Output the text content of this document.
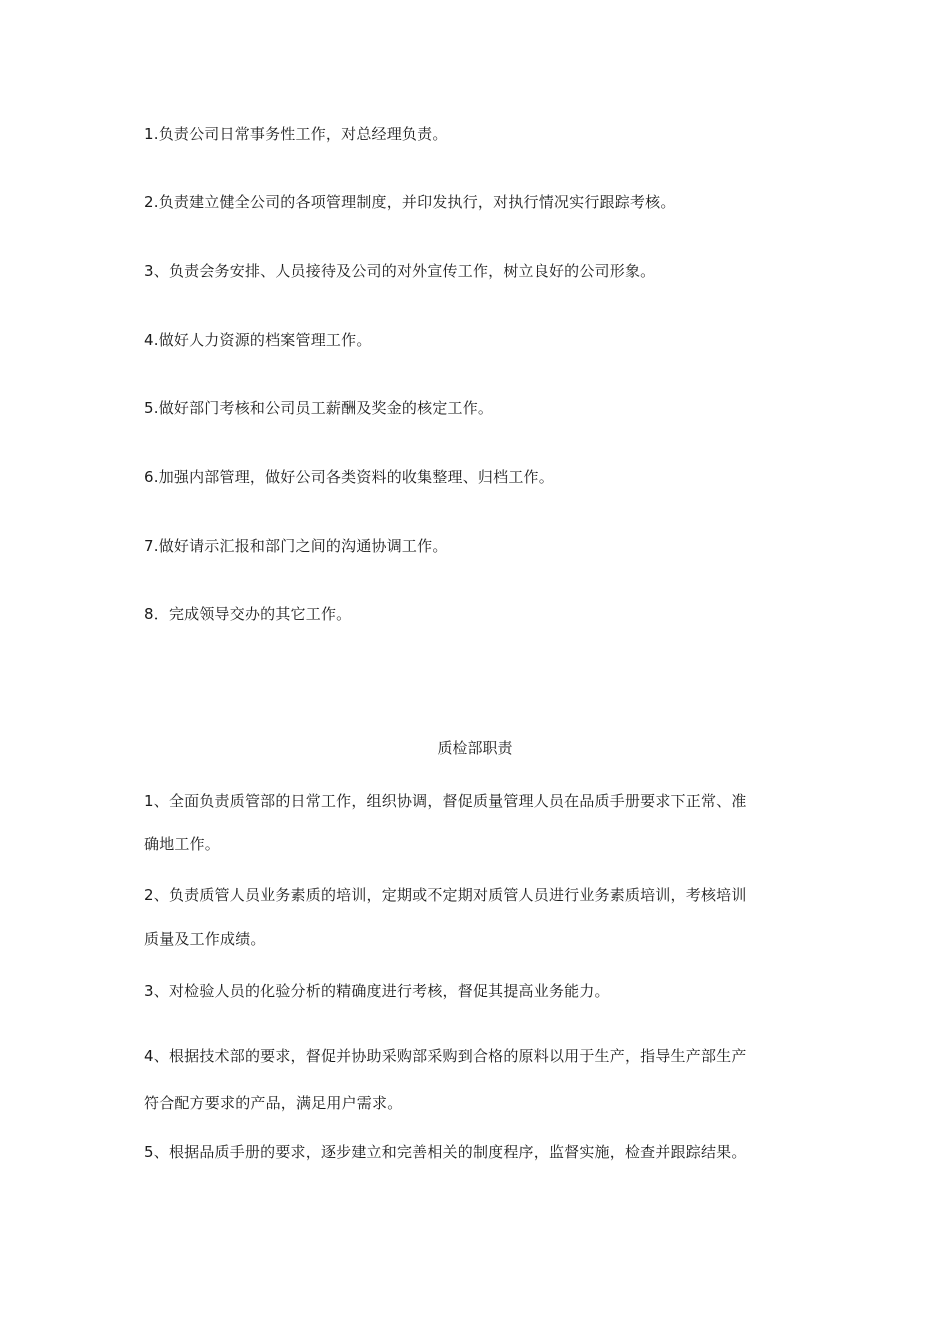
1.负责公司日常事务性工作，对总经理负责。
2.负责建立健全公司的各项管理制度，并印发执行，对执行情况实行跟踪考核。
3、负责会务安排、人员接待及公司的对外宣传工作，树立良好的公司形象。
4.做好人力资源的档案管理工作。
5.做好部门考核和公司员工薪酬及奖金的核定工作。
6.加强内部管理，做好公司各类资料的收集整理、归档工作。
7.做好请示汇报和部门之间的沟通协调工作。
8．完成领导交办的其它工作。
质检部职责
1、全面负责质管部的日常工作，组织协调，督促质量管理人员在品质手册要求下正常、准
确地工作。
2、负责质管人员业务素质的培训，定期或不定期对质管人员进行业务素质培训，考核培训
质量及工作成绩。
3、对检验人员的化验分析的精确度进行考核，督促其提高业务能力。
4、根据技术部的要求，督促并协助采购部采购到合格的原料以用于生产，指导生产部生产
符合配方要求的产品，满足用户需求。
5、根据品质手册的要求，逐步建立和完善相关的制度程序，监督实施，检查并跟踪结果。
